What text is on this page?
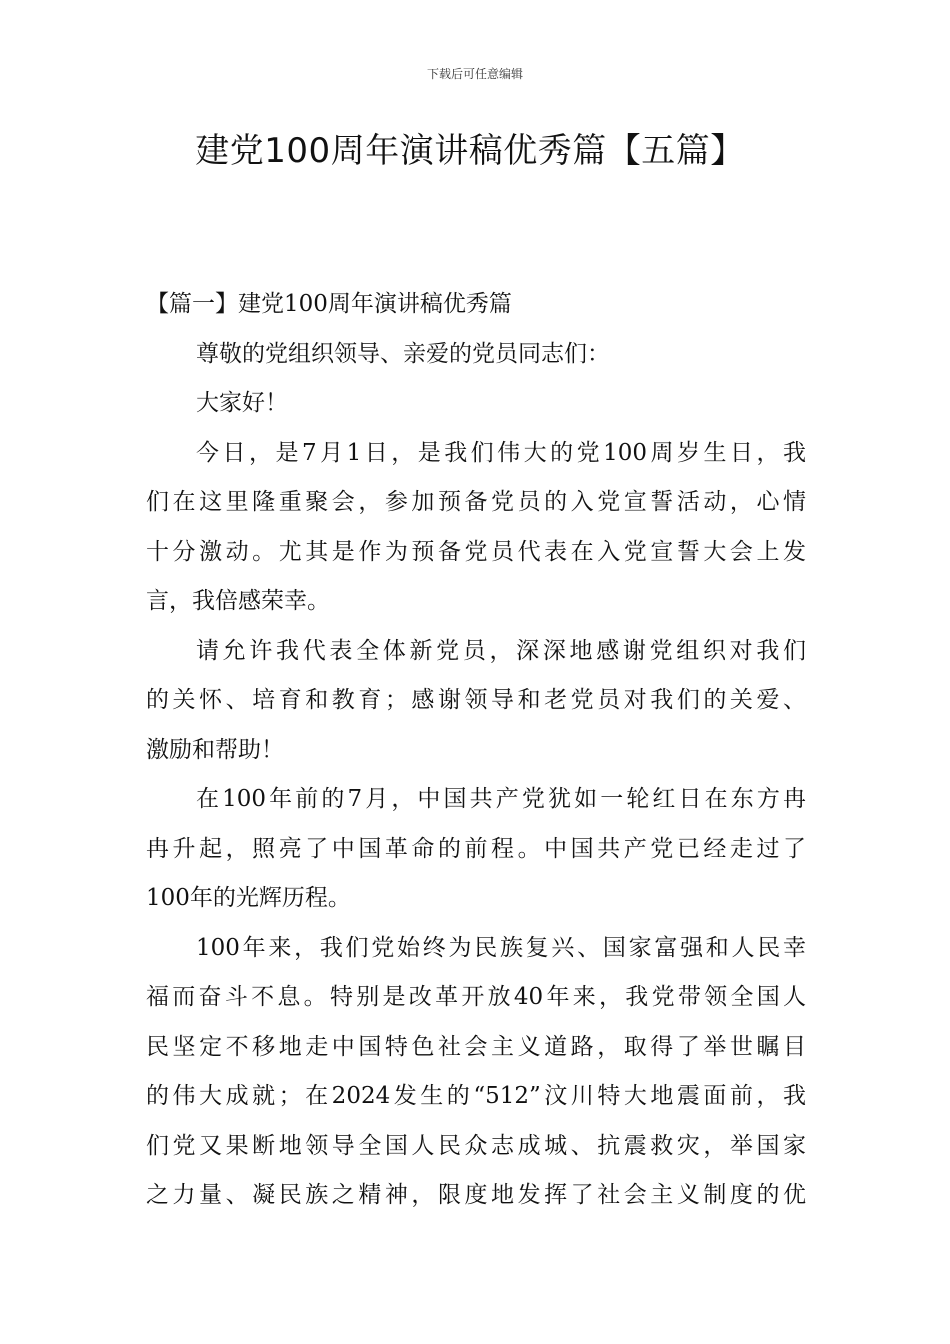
下载后可任意编辑
建党100周年演讲稿优秀篇【五篇】
【篇一】建党100周年演讲稿优秀篇

尊敬的党组织领导、亲爱的党员同志们：

大家好！

今日，是7月1日，是我们伟大的党100周岁生日，我
们在这里隆重聚会，参加预备党员的入党宣誓活动，心情
十分激动。尤其是作为预备党员代表在入党宣誓大会上发
言，我倍感荣幸。

请允许我代表全体新党员，深深地感谢党组织对我们
的关怀、培育和教育；感谢领导和老党员对我们的关爱、
激励和帮助！

在100年前的7月，中国共产党犹如一轮红日在东方冉
冉升起，照亮了中国革命的前程。中国共产党已经走过了
100年的光辉历程。

100年来，我们党始终为民族复兴、国家富强和人民幸
福而奋斗不息。特别是改革开放40年来，我党带领全国人
民坚定不移地走中国特色社会主义道路，取得了举世瞩目
的伟大成就；在2024发生的“512”汶川特大地震面前，我
们党又果断地领导全国人民众志成城、抗震救灾，举国家
之力量、凝民族之精神，限度地发挥了社会主义制度的优
